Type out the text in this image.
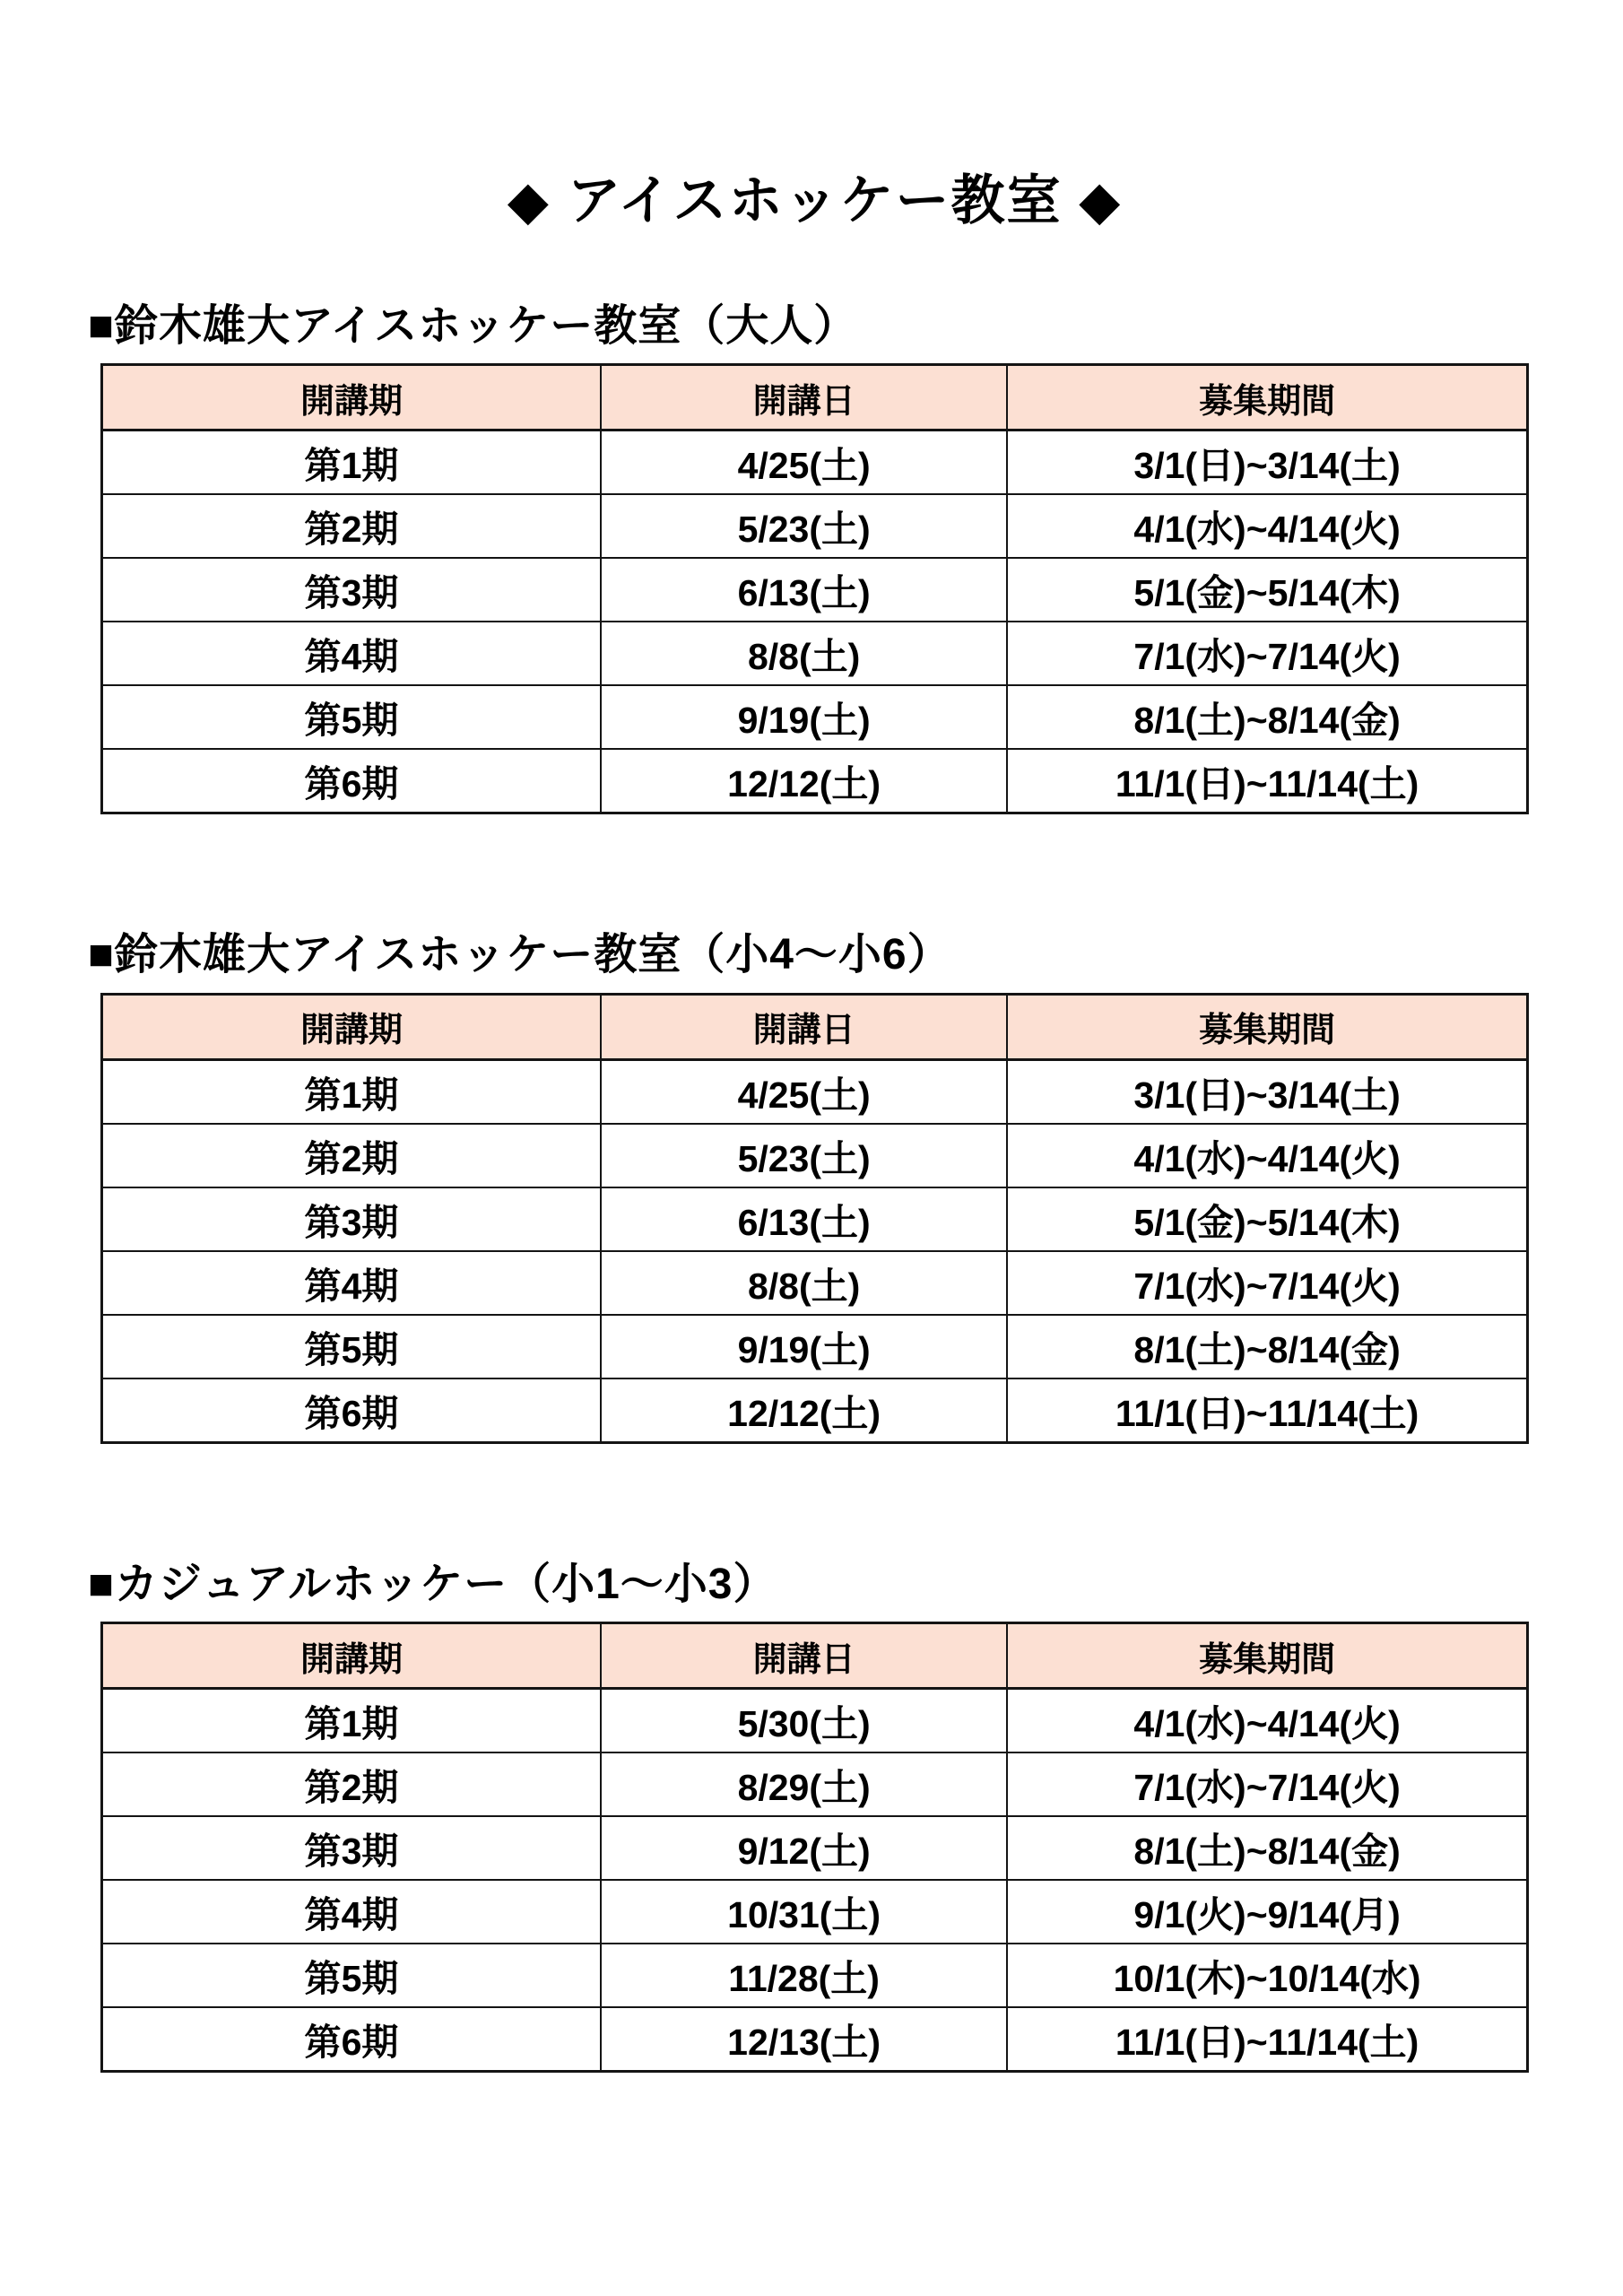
◆ アイスホッケー教室 ◆
■鈴木雄大アイスホッケー教室（大人）
開講期	開講日	募集期間
第1期	4/25(土)	3/1(日)~3/14(土)
第2期	5/23(土)	4/1(水)~4/14(火)
第3期	6/13(土)	5/1(金)~5/14(木)
第4期	8/8(土)	7/1(水)~7/14(火)
第5期	9/19(土)	8/1(土)~8/14(金)
第6期	12/12(土)	11/1(日)~11/14(土)
■鈴木雄大アイスホッケー教室（小4～小6）
開講期	開講日	募集期間
第1期	4/25(土)	3/1(日)~3/14(土)
第2期	5/23(土)	4/1(水)~4/14(火)
第3期	6/13(土)	5/1(金)~5/14(木)
第4期	8/8(土)	7/1(水)~7/14(火)
第5期	9/19(土)	8/1(土)~8/14(金)
第6期	12/12(土)	11/1(日)~11/14(土)
■カジュアルホッケー（小1～小3）
開講期	開講日	募集期間
第1期	5/30(土)	4/1(水)~4/14(火)
第2期	8/29(土)	7/1(水)~7/14(火)
第3期	9/12(土)	8/1(土)~8/14(金)
第4期	10/31(土)	9/1(火)~9/14(月)
第5期	11/28(土)	10/1(木)~10/14(水)
第6期	12/13(土)	11/1(日)~11/14(土)
